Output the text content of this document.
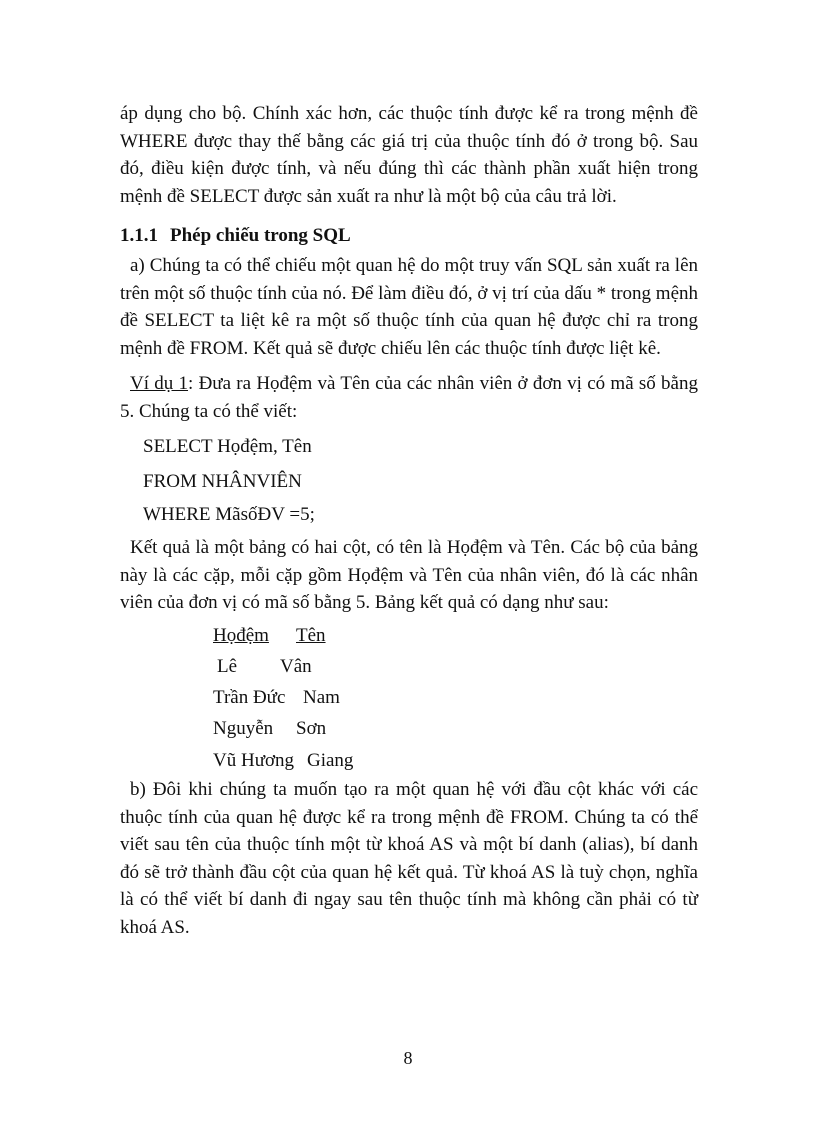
áp dụng cho bộ. Chính xác hơn, các thuộc tính được kể ra trong mệnh đề WHERE được thay thế bằng các giá trị của thuộc tính đó ở trong bộ. Sau đó, điều kiện được tính, và nếu đúng thì các thành phần xuất hiện trong mệnh đề SELECT được sản xuất ra như là một bộ của câu trả lời.

1.1.1 Phép chiếu trong SQL

a) Chúng ta có thể chiếu một quan hệ do một truy vấn SQL sản xuất ra lên trên một số thuộc tính của nó. Để làm điều đó, ở vị trí của dấu * trong mệnh đề SELECT ta liệt kê ra một số thuộc tính của quan hệ được chỉ ra trong mệnh đề FROM. Kết quả sẽ được chiếu lên các thuộc tính được liệt kê.

Ví dụ 1: Đưa ra Họđệm và Tên của các nhân viên ở đơn vị có mã số bằng 5. Chúng ta có thể viết:

SELECT Họđệm, Tên
FROM NHÂNVIÊN
WHERE MãsốĐV =5;

Kết quả là một bảng có hai cột, có tên là Họđệm và Tên. Các bộ của bảng này là các cặp, mỗi cặp gồm Họđệm và Tên của nhân viên, đó là các nhân viên của đơn vị có mã số bằng 5. Bảng kết quả có dạng như sau:

Họđệm Tên
Lê Vân
Trần Đức Nam
Nguyễn Sơn
Vũ Hương Giang

b) Đôi khi chúng ta muốn tạo ra một quan hệ với đầu cột khác với các thuộc tính của quan hệ được kể ra trong mệnh đề FROM. Chúng ta có thể viết sau tên của thuộc tính một từ khoá AS và một bí danh (alias), bí danh đó sẽ trở thành đầu cột của quan hệ kết quả. Từ khoá AS là tuỳ chọn, nghĩa là có thể viết bí danh đi ngay sau tên thuộc tính mà không cần phải có từ khoá AS.

8
